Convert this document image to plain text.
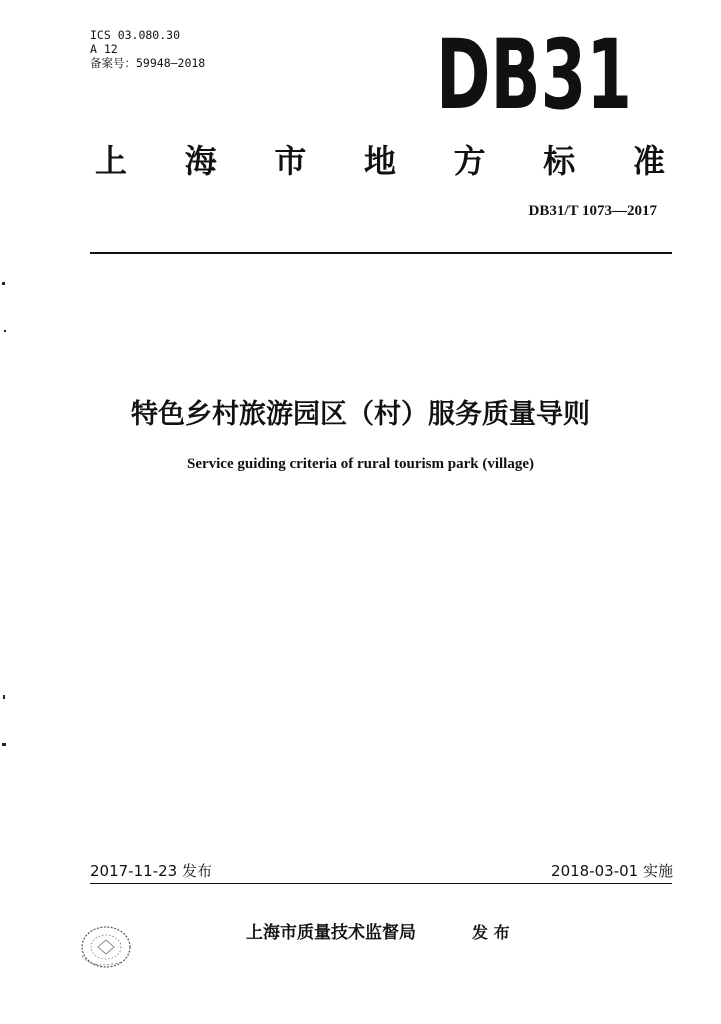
ICS 03.080.30
A 12
备案号：59948—2018 DB31
上 海 市 地 方 标 准
DB31/T 1073—2017
特色乡村旅游园区（村）服务质量导则
Service guiding criteria of rural tourism park (village)
2017-11-23 发布	2018-03-01 实施
上海市质量技术监督局	发 布
